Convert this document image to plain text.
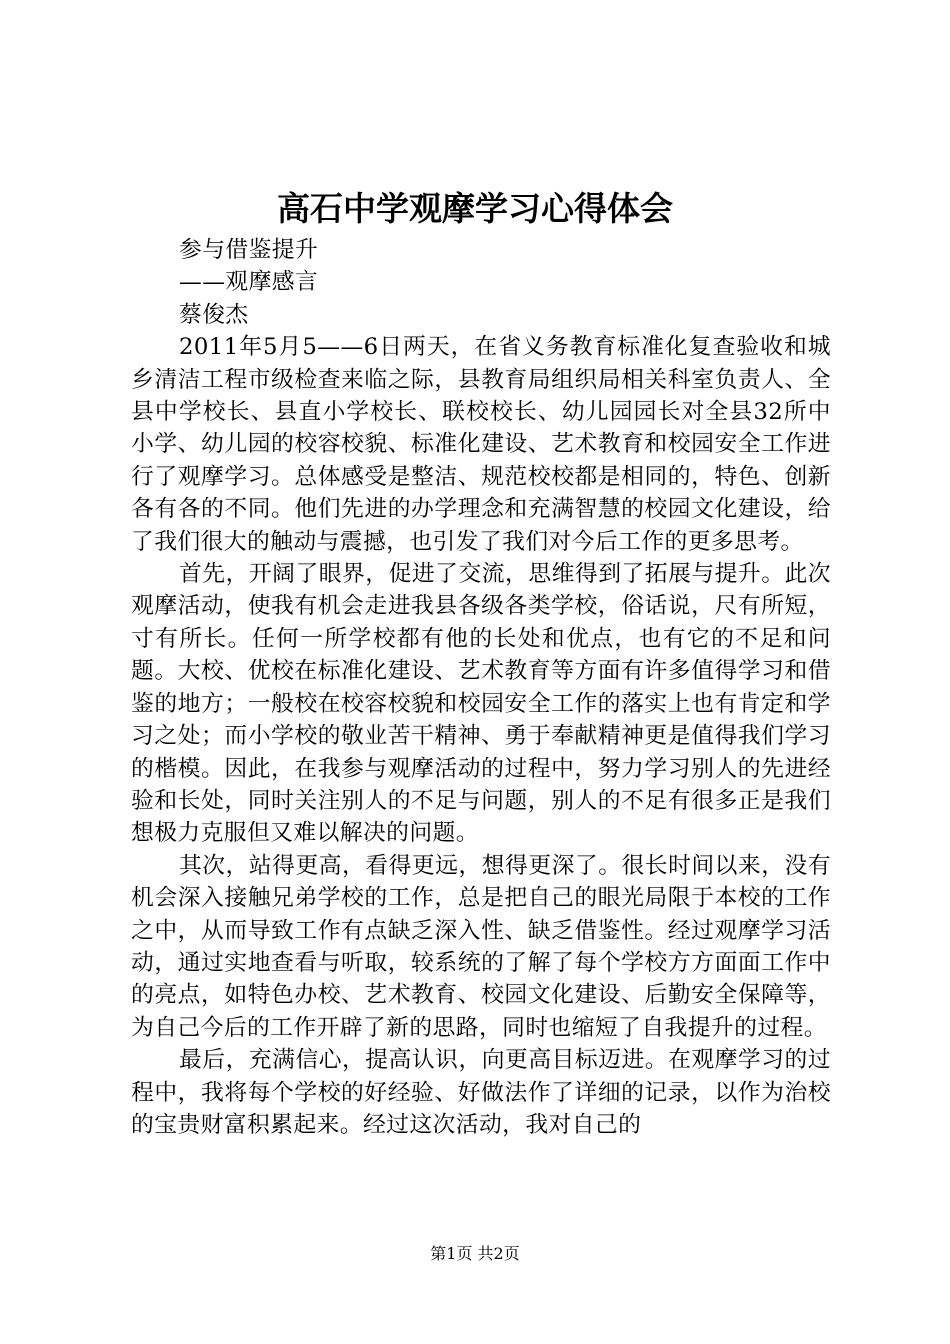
高石中学观摩学习心得体会

参与借鉴提升

——观摩感言

蔡俊杰

2011年5月5——6日两天，在省义务教育标准化复查验收和城乡清洁工程市级检查来临之际，县教育局组织局相关科室负责人、全县中学校长、县直小学校长、联校校长、幼儿园园长对全县32所中小学、幼儿园的校容校貌、标准化建设、艺术教育和校园安全工作进行了观摩学习。总体感受是整洁、规范校校都是相同的，特色、创新各有各的不同。他们先进的办学理念和充满智慧的校园文化建设，给了我们很大的触动与震撼，也引发了我们对今后工作的更多思考。

首先，开阔了眼界，促进了交流，思维得到了拓展与提升。此次观摩活动，使我有机会走进我县各级各类学校，俗话说，尺有所短，寸有所长。任何一所学校都有他的长处和优点，也有它的不足和问题。大校、优校在标准化建设、艺术教育等方面有许多值得学习和借鉴的地方；一般校在校容校貌和校园安全工作的落实上也有肯定和学习之处；而小学校的敬业苦干精神、勇于奉献精神更是值得我们学习的楷模。因此，在我参与观摩活动的过程中，努力学习别人的先进经验和长处，同时关注别人的不足与问题，别人的不足有很多正是我们想极力克服但又难以解决的问题。

其次，站得更高，看得更远，想得更深了。很长时间以来，没有机会深入接触兄弟学校的工作，总是把自己的眼光局限于本校的工作之中，从而导致工作有点缺乏深入性、缺乏借鉴性。经过观摩学习活动，通过实地查看与听取，较系统的了解了每个学校方方面面工作中的亮点，如特色办校、艺术教育、校园文化建设、后勤安全保障等，为自己今后的工作开辟了新的思路，同时也缩短了自我提升的过程。

最后，充满信心，提高认识，向更高目标迈进。在观摩学习的过程中，我将每个学校的好经验、好做法作了详细的记录，以作为治校的宝贵财富积累起来。经过这次活动，我对自己的

第1页 共2页
